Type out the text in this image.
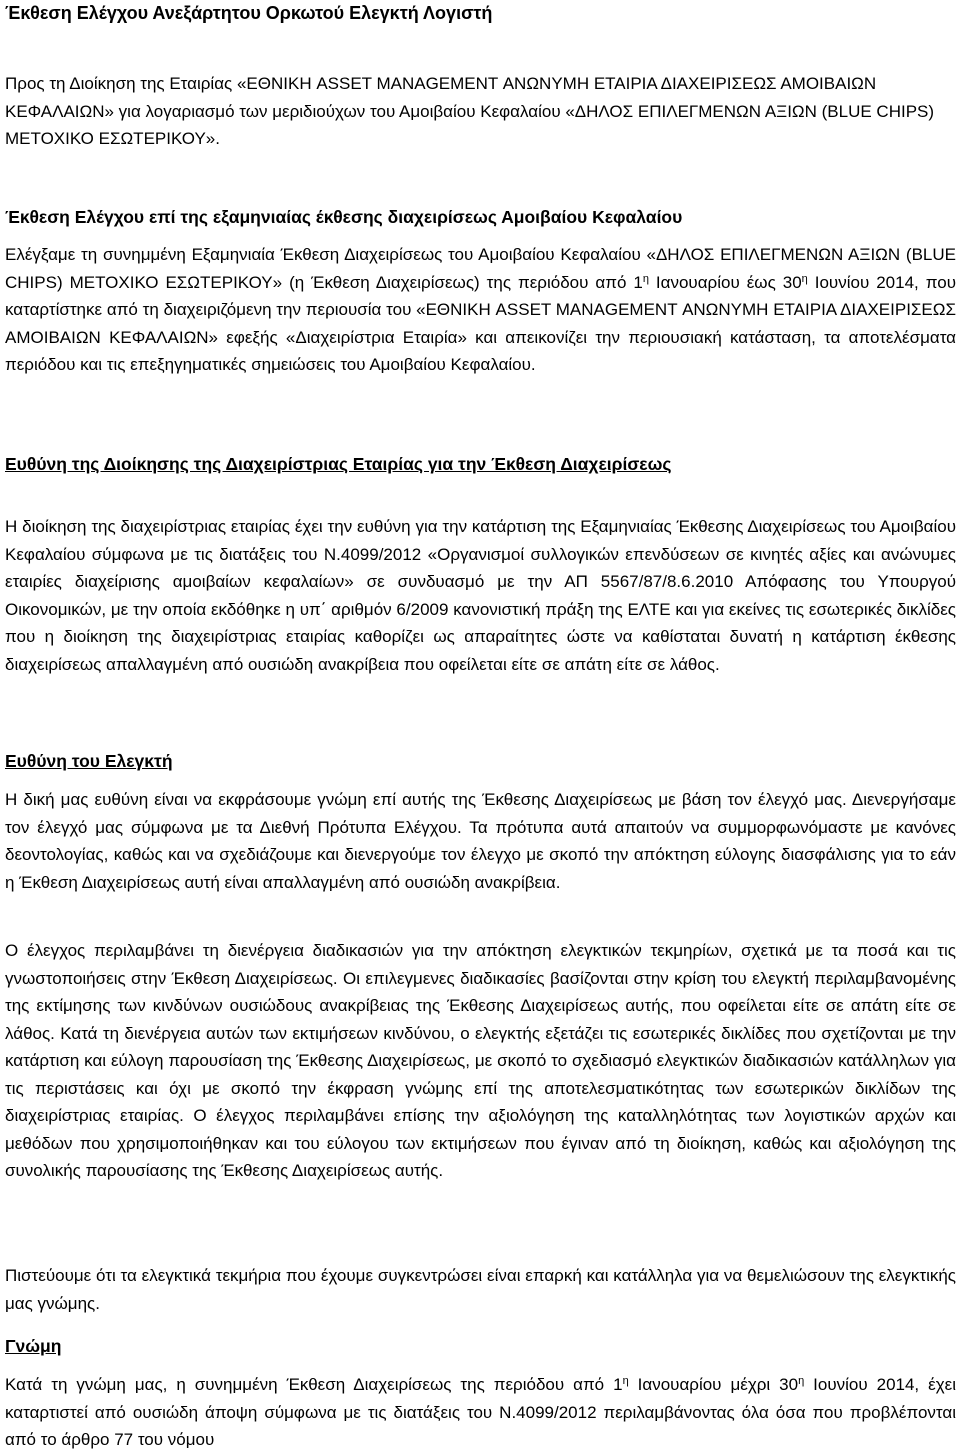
Έκθεση Ελέγχου Ανεξάρτητου Ορκωτού Ελεγκτή Λογιστή

Προς τη Διοίκηση της Εταιρίας «ΕΘΝΙΚΗ ASSET MANAGEMENT ΑΝΩΝΥΜΗ ΕΤΑΙΡΙΑ ΔΙΑΧΕΙΡΙΣΕΩΣ ΑΜΟΙΒΑΙΩΝ ΚΕΦΑΛΑΙΩΝ» για λογαριασμό των μεριδιούχων του Αμοιβαίου Κεφαλαίου «ΔΗΛΟΣ ΕΠΙΛΕΓΜΕΝΩΝ ΑΞΙΩΝ (BLUE CHIPS) ΜΕΤΟΧΙΚΟ ΕΣΩΤΕΡΙΚΟΥ».

Έκθεση Ελέγχου επί της εξαμηνιαίας έκθεσης διαχειρίσεως Αμοιβαίου Κεφαλαίου

Ελέγξαμε τη συνημμένη Εξαμηνιαία Έκθεση Διαχειρίσεως του Αμοιβαίου Κεφαλαίου «ΔΗΛΟΣ ΕΠΙΛΕΓΜΕΝΩΝ ΑΞΙΩΝ (BLUE CHIPS) ΜΕΤΟΧΙΚΟ ΕΣΩΤΕΡΙΚΟΥ» (η Έκθεση Διαχειρίσεως) της περιόδου από $1^\eta$ Ιανουαρίου έως $30^\eta$ Ιουνίου 2014, που καταρτίστηκε από τη διαχειριζόμενη την περιουσία του «ΕΘΝΙΚΗ ASSET MANAGEMENT ΑΝΩΝΥΜΗ ΕΤΑΙΡΙΑ ΔΙΑΧΕΙΡΙΣΕΩΣ ΑΜΟΙΒΑΙΩΝ ΚΕΦΑΛΑΙΩΝ» εφεξής «Διαχειρίστρια Εταιρία» και απεικονίζει την περιουσιακή κατάσταση, τα αποτελέσματα περιόδου και τις επεξηγηματικές σημειώσεις του Αμοιβαίου Κεφαλαίου.

Ευθύνη της Διοίκησης της Διαχειρίστριας Εταιρίας για την Έκθεση Διαχειρίσεως

Η διοίκηση της διαχειρίστριας εταιρίας έχει την ευθύνη για την κατάρτιση της Εξαμηνιαίας Έκθεσης Διαχειρίσεως του Αμοιβαίου Κεφαλαίου σύμφωνα με τις διατάξεις του Ν.4099/2012 «Οργανισμοί συλλογικών επενδύσεων σε κινητές αξίες και ανώνυμες εταιρίες διαχείρισης αμοιβαίων κεφαλαίων» σε συνδυασμό με την ΑΠ 5567/87/8.6.2010 Απόφασης του Υπουργού Οικονομικών, με την οποία εκδόθηκε η υπ΄ αριθμόν 6/2009 κανονιστική πράξη της ΕΛΤΕ και για εκείνες τις εσωτερικές δικλίδες που η διοίκηση της διαχειρίστριας εταιρίας καθορίζει ως απαραίτητες ώστε να καθίσταται δυνατή η κατάρτιση έκθεσης διαχειρίσεως απαλλαγμένη από ουσιώδη ανακρίβεια που οφείλεται είτε σε απάτη είτε σε λάθος.

Ευθύνη του Ελεγκτή

Η δική μας ευθύνη είναι να εκφράσουμε γνώμη επί αυτής της Έκθεσης Διαχειρίσεως με βάση τον έλεγχό μας. Διενεργήσαμε τον έλεγχό μας σύμφωνα με τα Διεθνή Πρότυπα Ελέγχου. Τα πρότυπα αυτά απαιτούν να συμμορφωνόμαστε με κανόνες δεοντολογίας, καθώς και να σχεδιάζουμε και διενεργούμε τον έλεγχο με σκοπό την απόκτηση εύλογης διασφάλισης για το εάν η Έκθεση Διαχειρίσεως αυτή είναι απαλλαγμένη από ουσιώδη ανακρίβεια.

Ο έλεγχος περιλαμβάνει τη διενέργεια διαδικασιών για την απόκτηση ελεγκτικών τεκμηρίων, σχετικά με τα ποσά και τις γνωστοποιήσεις στην Έκθεση Διαχειρίσεως. Οι επιλεγμενες διαδικασίες βασίζονται στην κρίση του ελεγκτή περιλαμβανομένης της εκτίμησης των κινδύνων ουσιώδους ανακρίβειας της Έκθεσης Διαχειρίσεως αυτής, που οφείλεται είτε σε απάτη είτε σε λάθος. Κατά τη διενέργεια αυτών των εκτιμήσεων κινδύνου, ο ελεγκτής εξετάζει τις εσωτερικές δικλίδες που σχετίζονται με την κατάρτιση και εύλογη παρουσίαση της Έκθεσης Διαχειρίσεως, με σκοπό το σχεδιασμό ελεγκτικών διαδικασιών κατάλληλων για τις περιστάσεις και όχι με σκοπό την έκφραση γνώμης επί της αποτελεσματικότητας των εσωτερικών δικλίδων της διαχειρίστριας εταιρίας. Ο έλεγχος περιλαμβάνει επίσης την αξιολόγηση της καταλληλότητας των λογιστικών αρχών και μεθόδων που χρησιμοποιήθηκαν και του εύλογου των εκτιμήσεων που έγιναν από τη διοίκηση, καθώς και αξιολόγηση της συνολικής παρουσίασης της Έκθεσης Διαχειρίσεως αυτής.

Πιστεύουμε ότι τα ελεγκτικά τεκμήρια που έχουμε συγκεντρώσει είναι επαρκή και κατάλληλα για να θεμελιώσουν της ελεγκτικής μας γνώμης.

Γνώμη

Κατά τη γνώμη μας, η συνημμένη Έκθεση Διαχειρίσεως της περιόδου από $1^\eta$ Ιανουαρίου μέχρι $30^\eta$ Ιουνίου 2014, έχει καταρτιστεί από ουσιώδη άποψη σύμφωνα με τις διατάξεις του Ν.4099/2012 περιλαμβάνοντας όλα όσα που προβλέπονται από το άρθρο 77 του νόμου
